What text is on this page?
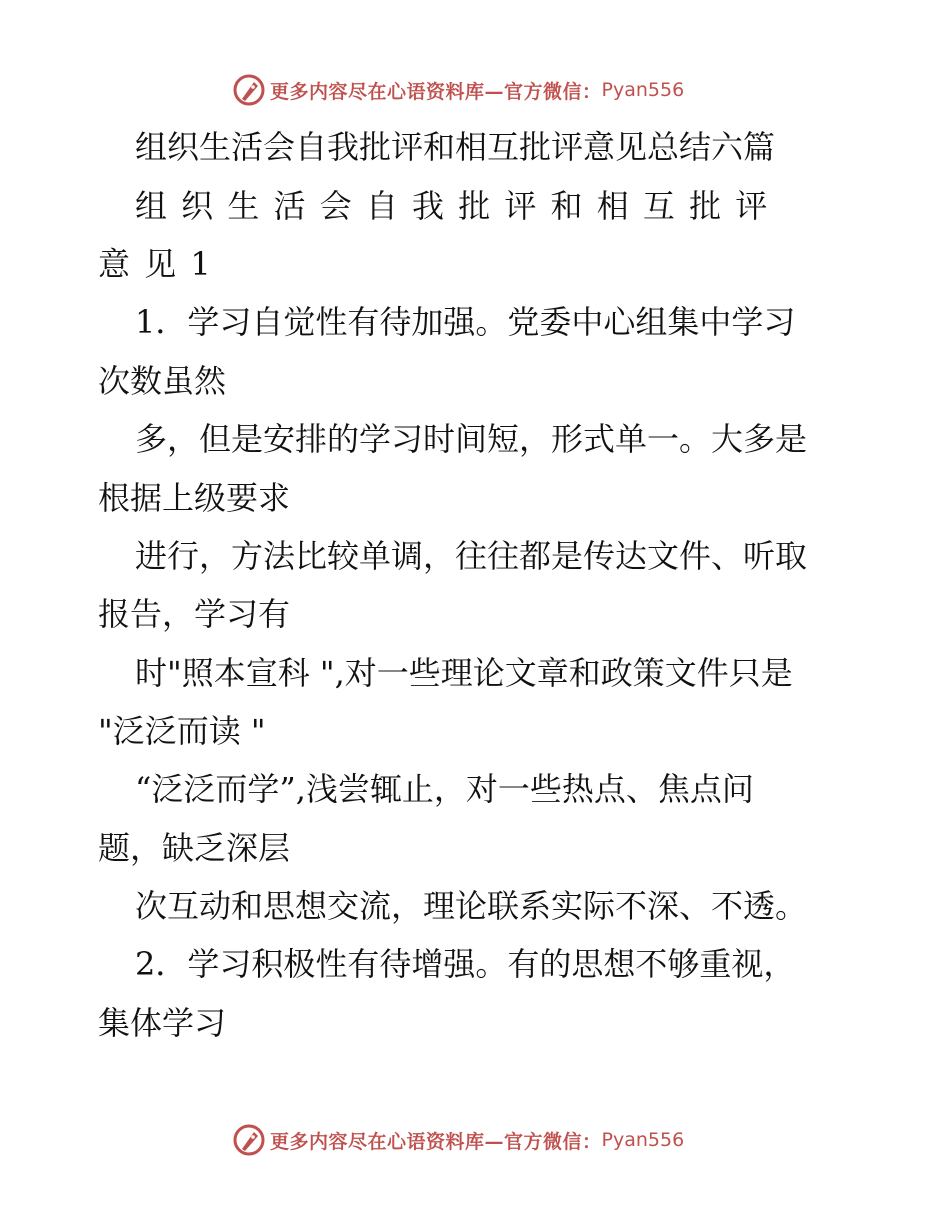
更多内容尽在心语资料库—官方微信： Pyan556
组织生活会自我批评和相互批评意见总结六篇
组 织 生 活 会 自 我 批 评 和 相 互 批 评
意 见 1
1．学习自觉性有待加强。党委中心组集中学习
次数虽然
多，但是安排的学习时间短，形式单一。大多是
根据上级要求
进行，方法比较单调，往往都是传达文件、听取
报告，学习有
时"照本宣科 ",对一些理论文章和政策文件只是
"泛泛而读 "
“泛泛而学”,浅尝辄止，对一些热点、焦点问
题，缺乏深层
次互动和思想交流，理论联系实际不深、不透。
2．学习积极性有待增强。有的思想不够重视，
集体学习
更多内容尽在心语资料库—官方微信： Pyan556
